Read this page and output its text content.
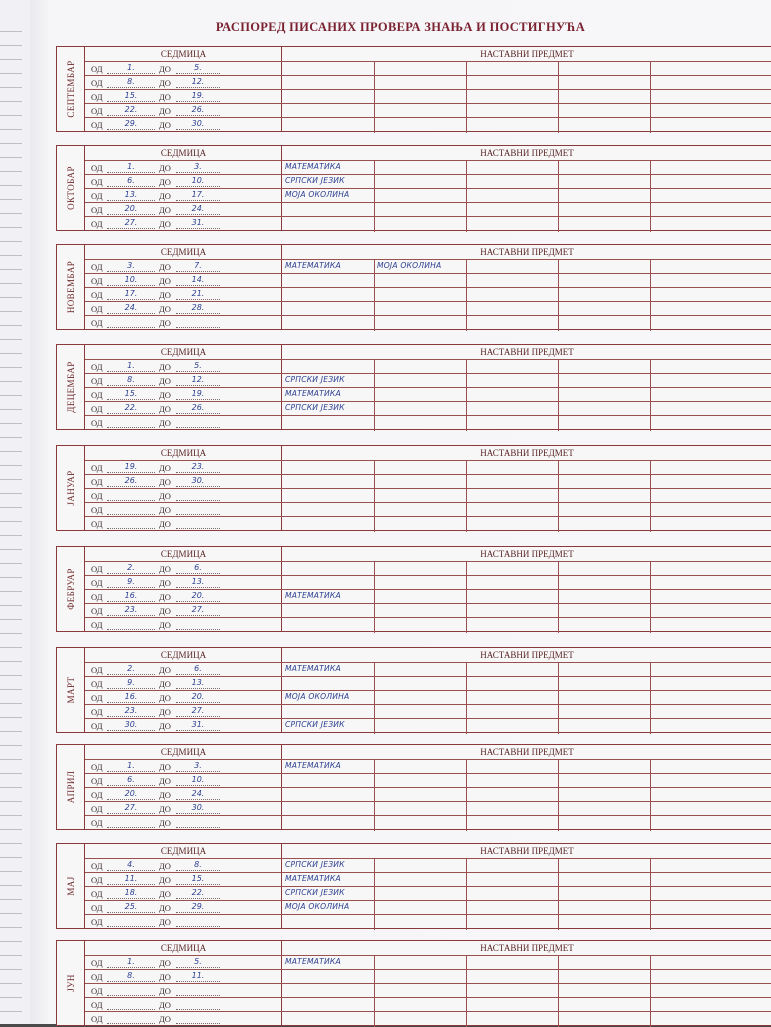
РАСПОРЕД ПИСАНИХ ПРОВЕРА ЗНАЊА И ПОСТИГНУЋА
СЕПТЕМБАР
СЕДМИЦА	НАСТАВНИ ПРЕДМЕТ
ОД	1.	ДО	5.
ОД	8.	ДО	12.
ОД	15.	ДО	19.
ОД	22.	ДО	26.
ОД	29.	ДО	30.
ОКТОБАР
СЕДМИЦА	НАСТАВНИ ПРЕДМЕТ
ОД	1.	ДО	3.	МАТЕМАТИКА
ОД	6.	ДО	10.	СРПСКИ ЈЕЗИК
ОД	13.	ДО	17.	МОЈА ОКОЛИНА
ОД	20.	ДО	24.
ОД	27.	ДО	31.
НОВЕМБАР
СЕДМИЦА	НАСТАВНИ ПРЕДМЕТ
ОД	3.	ДО	7.	МАТЕМАТИКА	МОЈА ОКОЛИНА
ОД	10.	ДО	14.
ОД	17.	ДО	21.
ОД	24.	ДО	28.
ОД	ДО
ДЕЦЕМБАР
СЕДМИЦА	НАСТАВНИ ПРЕДМЕТ
ОД	1.	ДО	5.
ОД	8.	ДО	12.	СРПСКИ ЈЕЗИК
ОД	15.	ДО	19.	МАТЕМАТИКА
ОД	22.	ДО	26.	СРПСКИ ЈЕЗИК
ОД	ДО
ЈАНУАР
СЕДМИЦА	НАСТАВНИ ПРЕДМЕТ
ОД	19.	ДО	23.
ОД	26.	ДО	30.
ОД	ДО
ОД	ДО
ОД	ДО
ФЕБРУАР
СЕДМИЦА	НАСТАВНИ ПРЕДМЕТ
ОД	2.	ДО	6.
ОД	9.	ДО	13.
ОД	16.	ДО	20.	МАТЕМАТИКА
ОД	23.	ДО	27.
ОД	ДО
МАРТ
СЕДМИЦА	НАСТАВНИ ПРЕДМЕТ
ОД	2.	ДО	6.	МАТЕМАТИКА
ОД	9.	ДО	13.
ОД	16.	ДО	20.	МОЈА ОКОЛИНА
ОД	23.	ДО	27.
ОД	30.	ДО	31.	СРПСКИ ЈЕЗИК
АПРИЛ
СЕДМИЦА	НАСТАВНИ ПРЕДМЕТ
ОД	1.	ДО	3.	МАТЕМАТИКА
ОД	6.	ДО	10.
ОД	20.	ДО	24.
ОД	27.	ДО	30.
ОД	ДО
МАЈ
СЕДМИЦА	НАСТАВНИ ПРЕДМЕТ
ОД	4.	ДО	8.	СРПСКИ ЈЕЗИК
ОД	11.	ДО	15.	МАТЕМАТИКА
ОД	18.	ДО	22.	СРПСКИ ЈЕЗИК
ОД	25.	ДО	29.	МОЈА ОКОЛИНА
ОД	ДО
ЈУН
СЕДМИЦА	НАСТАВНИ ПРЕДМЕТ
ОД	1.	ДО	5.	МАТЕМАТИКА
ОД	8.	ДО	11.
ОД	ДО
ОД	ДО
ОД	ДО
